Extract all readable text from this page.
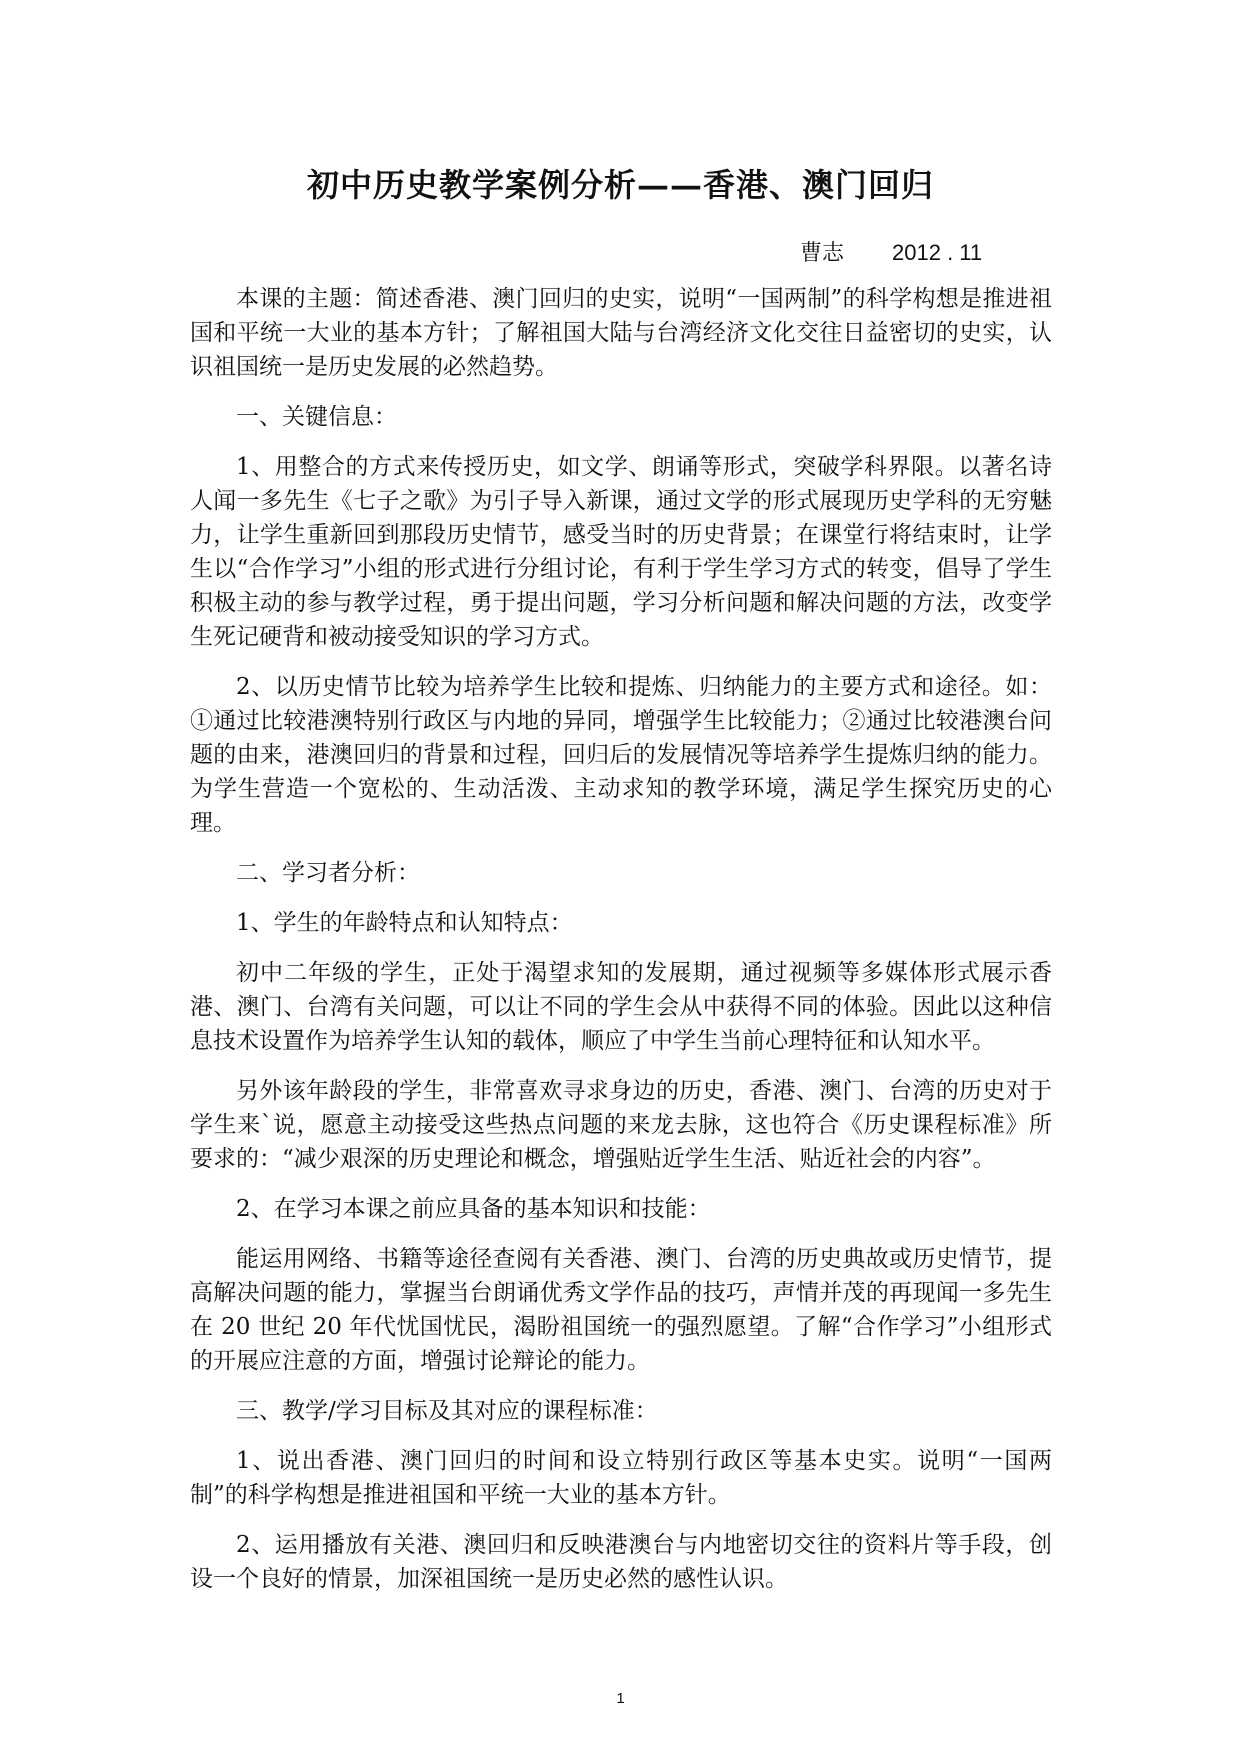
初中历史教学案例分析——香港、澳门回归
曹志 2012 . 11

本课的主题：简述香港、澳门回归的史实，说明“一国两制”的科学构想是推进祖国和平统一大业的基本方针；了解祖国大陆与台湾经济文化交往日益密切的史实，认识祖国统一是历史发展的必然趋势。

一、关键信息：

1、用整合的方式来传授历史，如文学、朗诵等形式，突破学科界限。以著名诗人闻一多先生《七子之歌》为引子导入新课，通过文学的形式展现历史学科的无穷魅力，让学生重新回到那段历史情节，感受当时的历史背景；在课堂行将结束时，让学生以“合作学习”小组的形式进行分组讨论，有利于学生学习方式的转变，倡导了学生积极主动的参与教学过程，勇于提出问题，学习分析问题和解决问题的方法，改变学生死记硬背和被动接受知识的学习方式。

2、以历史情节比较为培养学生比较和提炼、归纳能力的主要方式和途径。如：①通过比较港澳特别行政区与内地的异同，增强学生比较能力；②通过比较港澳台问题的由来，港澳回归的背景和过程，回归后的发展情况等培养学生提炼归纳的能力。为学生营造一个宽松的、生动活泼、主动求知的教学环境，满足学生探究历史的心理。

二、学习者分析：

1、学生的年龄特点和认知特点：

初中二年级的学生，正处于渴望求知的发展期，通过视频等多媒体形式展示香港、澳门、台湾有关问题，可以让不同的学生会从中获得不同的体验。因此以这种信息技术设置作为培养学生认知的载体，顺应了中学生当前心理特征和认知水平。

另外该年龄段的学生，非常喜欢寻求身边的历史，香港、澳门、台湾的历史对于学生来`说，愿意主动接受这些热点问题的来龙去脉，这也符合《历史课程标准》所要求的：“减少艰深的历史理论和概念，增强贴近学生生活、贴近社会的内容”。

2、在学习本课之前应具备的基本知识和技能：

能运用网络、书籍等途径查阅有关香港、澳门、台湾的历史典故或历史情节，提高解决问题的能力，掌握当台朗诵优秀文学作品的技巧，声情并茂的再现闻一多先生在 20 世纪 20 年代忧国忧民，渴盼祖国统一的强烈愿望。了解“合作学习”小组形式的开展应注意的方面，增强讨论辩论的能力。

三、教学/学习目标及其对应的课程标准：

1、说出香港、澳门回归的时间和设立特别行政区等基本史实。说明“一国两制”的科学构想是推进祖国和平统一大业的基本方针。

2、运用播放有关港、澳回归和反映港澳台与内地密切交往的资料片等手段，创设一个良好的情景，加深祖国统一是历史必然的感性认识。

1
